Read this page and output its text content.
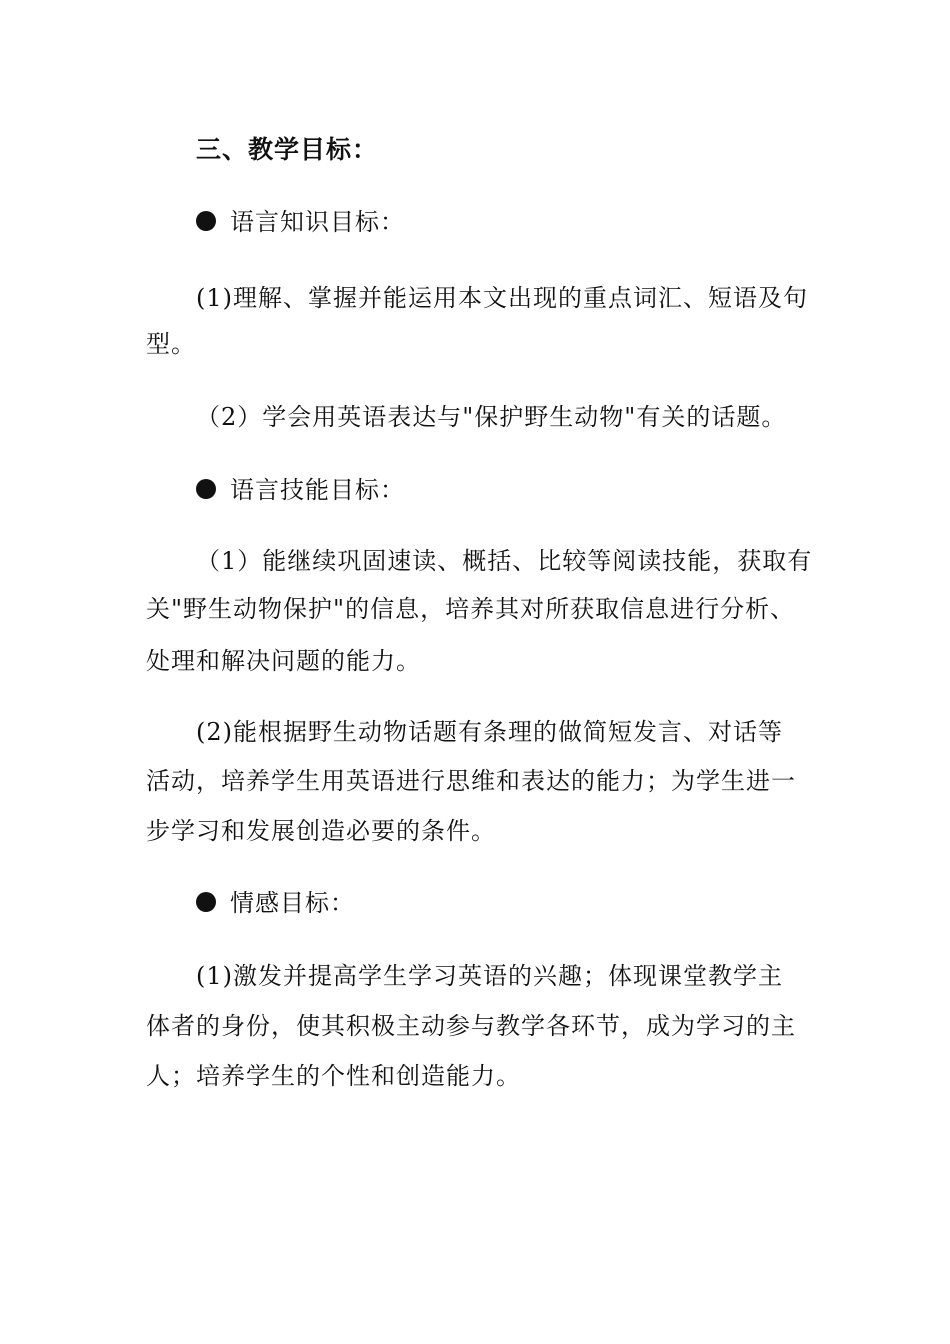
三、教学目标：
语言知识目标：
(1)理解、掌握并能运用本文出现的重点词汇、短语及句
型。
（2）学会用英语表达与"保护野生动物"有关的话题。
语言技能目标：
（1）能继续巩固速读、概括、比较等阅读技能，获取有
关"野生动物保护"的信息，培养其对所获取信息进行分析、
处理和解决问题的能力。
(2)能根据野生动物话题有条理的做简短发言、对话等
活动，培养学生用英语进行思维和表达的能力；为学生进一
步学习和发展创造必要的条件。
情感目标：
(1)激发并提高学生学习英语的兴趣；体现课堂教学主
体者的身份，使其积极主动参与教学各环节，成为学习的主
人；培养学生的个性和创造能力。
